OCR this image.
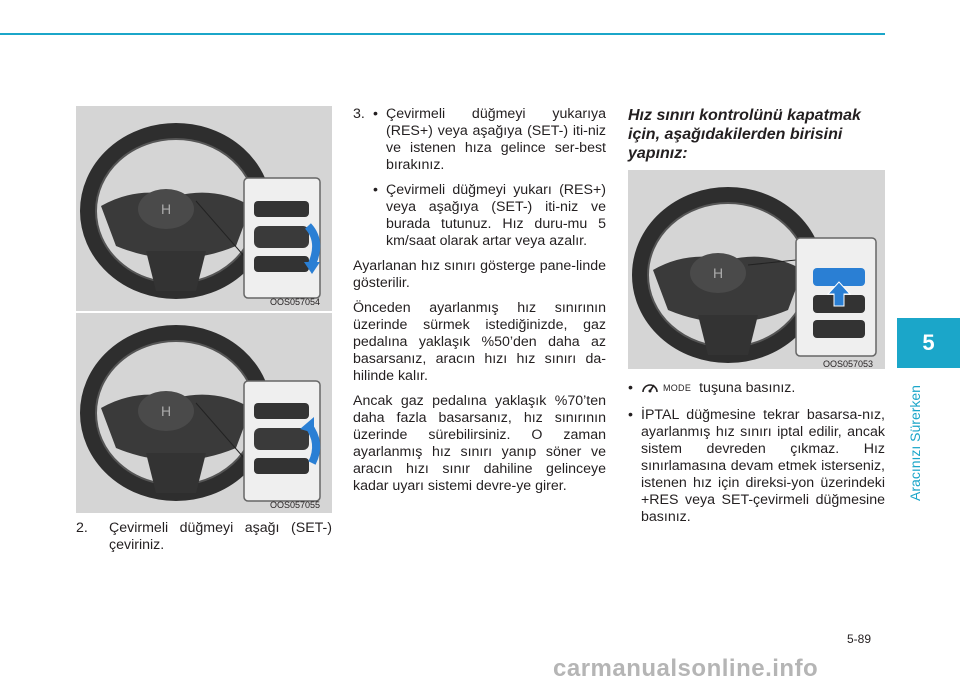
5
Aracınızı Sürerken
H
OOS057054
H
OOS057055
H
OOS057053
2. Çevirmeli düğmeyi aşağı (SET-) çeviriniz.
3.
•	Çevirmeli düğmeyi yukarıya (RES+) veya aşağıya (SET-) iti-niz ve istenen hıza gelince ser-best bırakınız.
• Çevirmeli düğmeyi yukarı (RES+) veya aşağıya (SET-) iti-niz ve burada tutunuz. Hız duru-mu 5 km/saat olarak artar veya azalır.

Ayarlanan hız sınırı gösterge pane-linde gösterilir.

Önceden ayarlanmış hız sınırının üzerinde sürmek istediğinizde, gaz pedalına yaklaşık %50’den daha az basarsanız, aracın hızı hız sınırı da-hilinde kalır.

Ancak gaz pedalına yaklaşık %70’ten daha fazla basarsanız, hız sınırının üzerinde sürebilirsiniz. O zaman ayarlanmış hız sınırı yanıp söner ve aracın hızı sınır dahiline gelinceye kadar uyarı sistemi devre-ye girer.

Hız sınırı kontrolünü kapatmak için, aşağıdakilerden birisini yapınız:
• MODE tuşuna basınız.
• İPTAL düğmesine tekrar basarsa-nız, ayarlanmış hız sınırı iptal edilir, ancak sistem devreden çıkmaz. Hız sınırlamasına devam etmek isterseniz, istenen hız için direksi-yon üzerindeki +RES veya SET-çevirmeli düğmesine basınız.
5-89
carmanualsonline.info
